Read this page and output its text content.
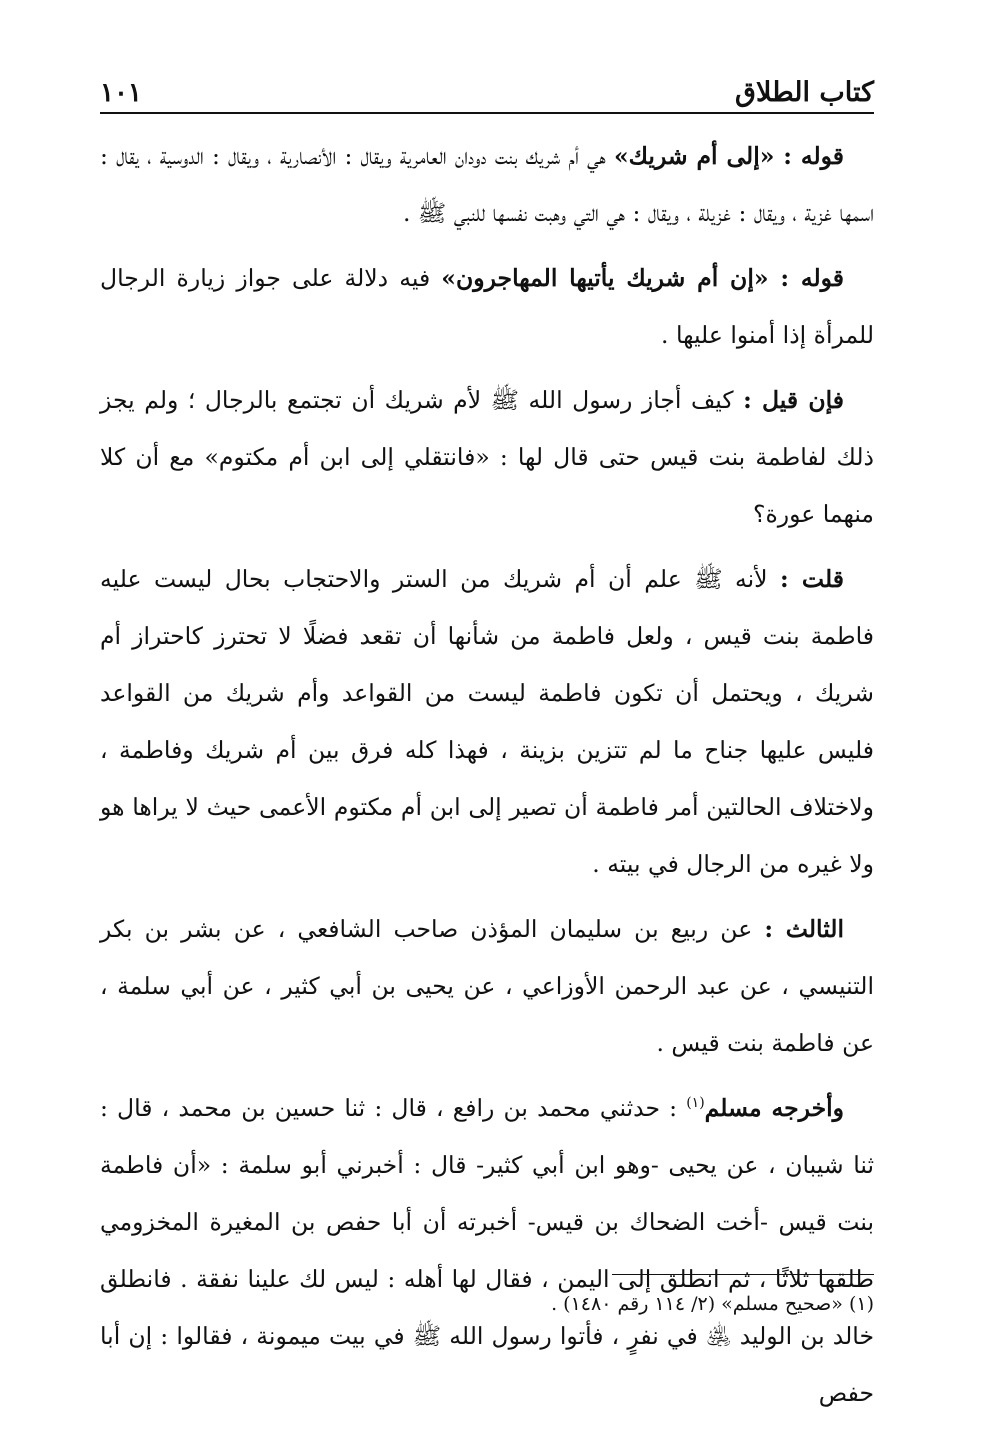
كتاب الطلاق
١٠١

قوله : «إلى أم شريك» هي أم شريك بنت دودان العامرية ويقال : الأنصارية ، ويقال : الدوسية ، يقال : اسمها غزية ، ويقال : غزيلة ، ويقال : هي التي وهبت نفسها للنبي ﷺ .

قوله : «إن أم شريك يأتيها المهاجرون» فيه دلالة على جواز زيارة الرجال للمرأة إذا أمنوا عليها .

فإن قيل : كيف أجاز رسول الله ﷺ لأم شريك أن تجتمع بالرجال ؛ ولم يجز ذلك لفاطمة بنت قيس حتى قال لها : «فانتقلي إلى ابن أم مكتوم» مع أن كلا منهما عورة؟

قلت : لأنه ﷺ علم أن أم شريك من الستر والاحتجاب بحال ليست عليه فاطمة بنت قيس ، ولعل فاطمة من شأنها أن تقعد فضلًا لا تحترز كاحتراز أم شريك ، ويحتمل أن تكون فاطمة ليست من القواعد وأم شريك من القواعد فليس عليها جناح ما لم تتزين بزينة ، فهذا كله فرق بين أم شريك وفاطمة ، ولاختلاف الحالتين أمر فاطمة أن تصير إلى ابن أم مكتوم الأعمى حيث لا يراها هو ولا غيره من الرجال في بيته .

الثالث : عن ربيع بن سليمان المؤذن صاحب الشافعي ، عن بشر بن بكر التنيسي ، عن عبد الرحمن الأوزاعي ، عن يحيى بن أبي كثير ، عن أبي سلمة ، عن فاطمة بنت قيس .

وأخرجه مسلم$^{(١)}$ : حدثني محمد بن رافع ، قال : ثنا حسين بن محمد ، قال : ثنا شيبان ، عن يحيى -وهو ابن أبي كثير- قال : أخبرني أبو سلمة : «أن فاطمة بنت قيس -أخت الضحاك بن قيس- أخبرته أن أبا حفص بن المغيرة المخزومي طلقها ثلاثًا ، ثم انطلق إلى اليمن ، فقال لها أهله : ليس لك علينا نفقة . فانطلق خالد بن الوليد ﵁ في نفرٍ ، فأتوا رسول الله ﷺ في بيت ميمونة ، فقالوا : إن أبا حفص

(١) «صحيح مسلم» (٢/ ١١٤ رقم ١٤٨٠) .
